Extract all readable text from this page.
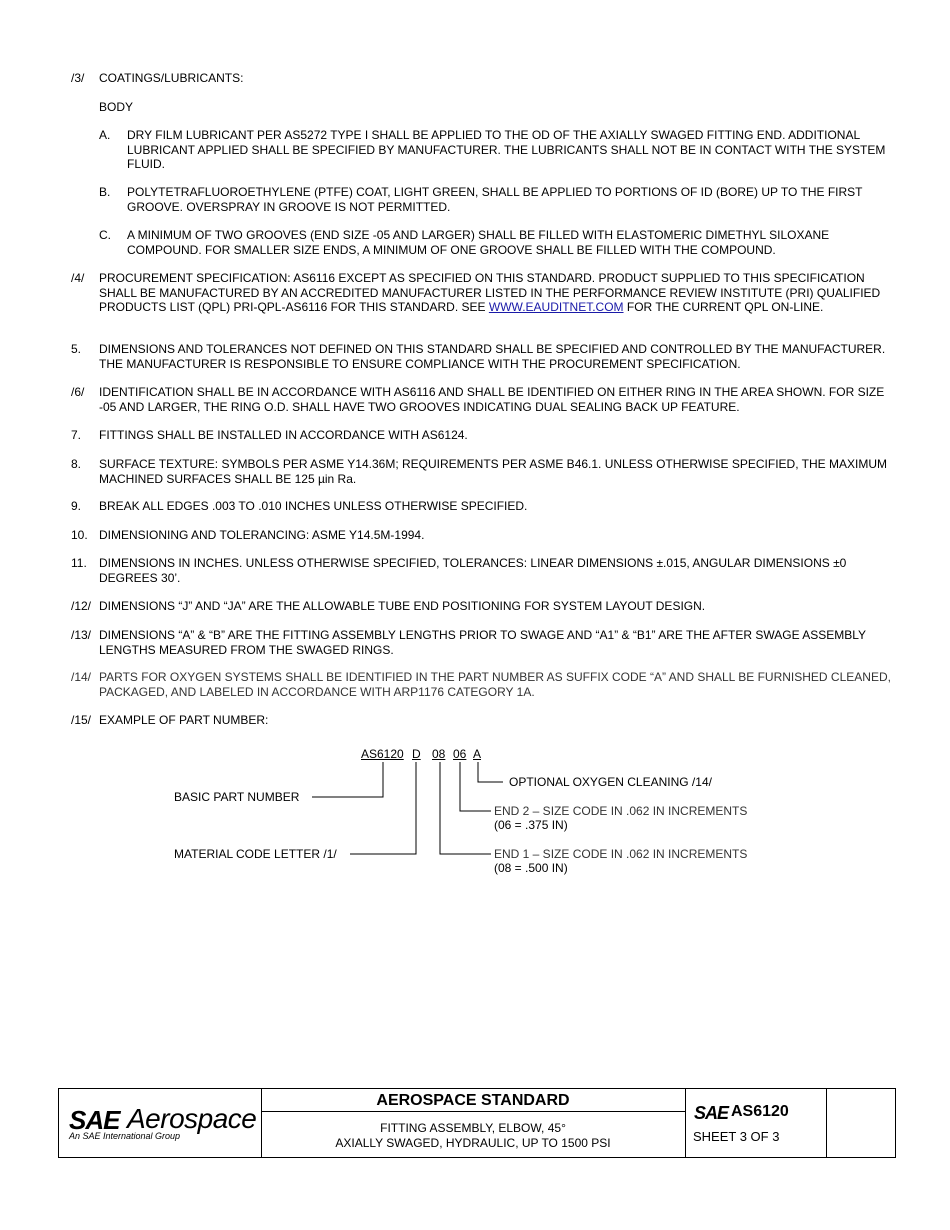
/3/ COATINGS/LUBRICANTS:
BODY
A. DRY FILM LUBRICANT PER AS5272 TYPE I SHALL BE APPLIED TO THE OD OF THE AXIALLY SWAGED FITTING END. ADDITIONAL LUBRICANT APPLIED SHALL BE SPECIFIED BY MANUFACTURER. THE LUBRICANTS SHALL NOT BE IN CONTACT WITH THE SYSTEM FLUID.
B. POLYTETRAFLUOROETHYLENE (PTFE) COAT, LIGHT GREEN, SHALL BE APPLIED TO PORTIONS OF ID (BORE) UP TO THE FIRST GROOVE. OVERSPRAY IN GROOVE IS NOT PERMITTED.
C. A MINIMUM OF TWO GROOVES (END SIZE -05 AND LARGER) SHALL BE FILLED WITH ELASTOMERIC DIMETHYL SILOXANE COMPOUND. FOR SMALLER SIZE ENDS, A MINIMUM OF ONE GROOVE SHALL BE FILLED WITH THE COMPOUND.
/4/ PROCUREMENT SPECIFICATION: AS6116 EXCEPT AS SPECIFIED ON THIS STANDARD. PRODUCT SUPPLIED TO THIS SPECIFICATION SHALL BE MANUFACTURED BY AN ACCREDITED MANUFACTURER LISTED IN THE PERFORMANCE REVIEW INSTITUTE (PRI) QUALIFIED PRODUCTS LIST (QPL) PRI-QPL-AS6116 FOR THIS STANDARD. SEE WWW.EAUDITNET.COM FOR THE CURRENT QPL ON-LINE.
5. DIMENSIONS AND TOLERANCES NOT DEFINED ON THIS STANDARD SHALL BE SPECIFIED AND CONTROLLED BY THE MANUFACTURER. THE MANUFACTURER IS RESPONSIBLE TO ENSURE COMPLIANCE WITH THE PROCUREMENT SPECIFICATION.
/6/ IDENTIFICATION SHALL BE IN ACCORDANCE WITH AS6116 AND SHALL BE IDENTIFIED ON EITHER RING IN THE AREA SHOWN. FOR SIZE -05 AND LARGER, THE RING O.D. SHALL HAVE TWO GROOVES INDICATING DUAL SEALING BACK UP FEATURE.
7. FITTINGS SHALL BE INSTALLED IN ACCORDANCE WITH AS6124.
8. SURFACE TEXTURE: SYMBOLS PER ASME Y14.36M; REQUIREMENTS PER ASME B46.1. UNLESS OTHERWISE SPECIFIED, THE MAXIMUM MACHINED SURFACES SHALL BE 125 µin Ra.
9. BREAK ALL EDGES .003 TO .010 INCHES UNLESS OTHERWISE SPECIFIED.
10. DIMENSIONING AND TOLERANCING: ASME Y14.5M-1994.
11. DIMENSIONS IN INCHES. UNLESS OTHERWISE SPECIFIED, TOLERANCES: LINEAR DIMENSIONS ±.015, ANGULAR DIMENSIONS ±0 DEGREES 30’.
/12/ DIMENSIONS “J” AND “JA” ARE THE ALLOWABLE TUBE END POSITIONING FOR SYSTEM LAYOUT DESIGN.
/13/ DIMENSIONS “A” & “B” ARE THE FITTING ASSEMBLY LENGTHS PRIOR TO SWAGE AND “A1” & “B1” ARE THE AFTER SWAGE ASSEMBLY LENGTHS MEASURED FROM THE SWAGED RINGS.
/14/ PARTS FOR OXYGEN SYSTEMS SHALL BE IDENTIFIED IN THE PART NUMBER AS SUFFIX CODE “A” AND SHALL BE FURNISHED CLEANED, PACKAGED, AND LABELED IN ACCORDANCE WITH ARP1176 CATEGORY 1A.
/15/ EXAMPLE OF PART NUMBER:
AS6120 D 08 06 A
BASIC PART NUMBER
MATERIAL CODE LETTER /1/
OPTIONAL OXYGEN CLEANING /14/
END 2 – SIZE CODE IN .062 IN INCREMENTS
(06 = .375 IN)
END 1 – SIZE CODE IN .062 IN INCREMENTS
(08 = .500 IN)
SAE Aerospace
An SAE International Group
AEROSPACE STANDARD
FITTING ASSEMBLY, ELBOW, 45°
AXIALLY SWAGED, HYDRAULIC, UP TO 1500 PSI
SAE AS6120
SHEET 3 OF 3
